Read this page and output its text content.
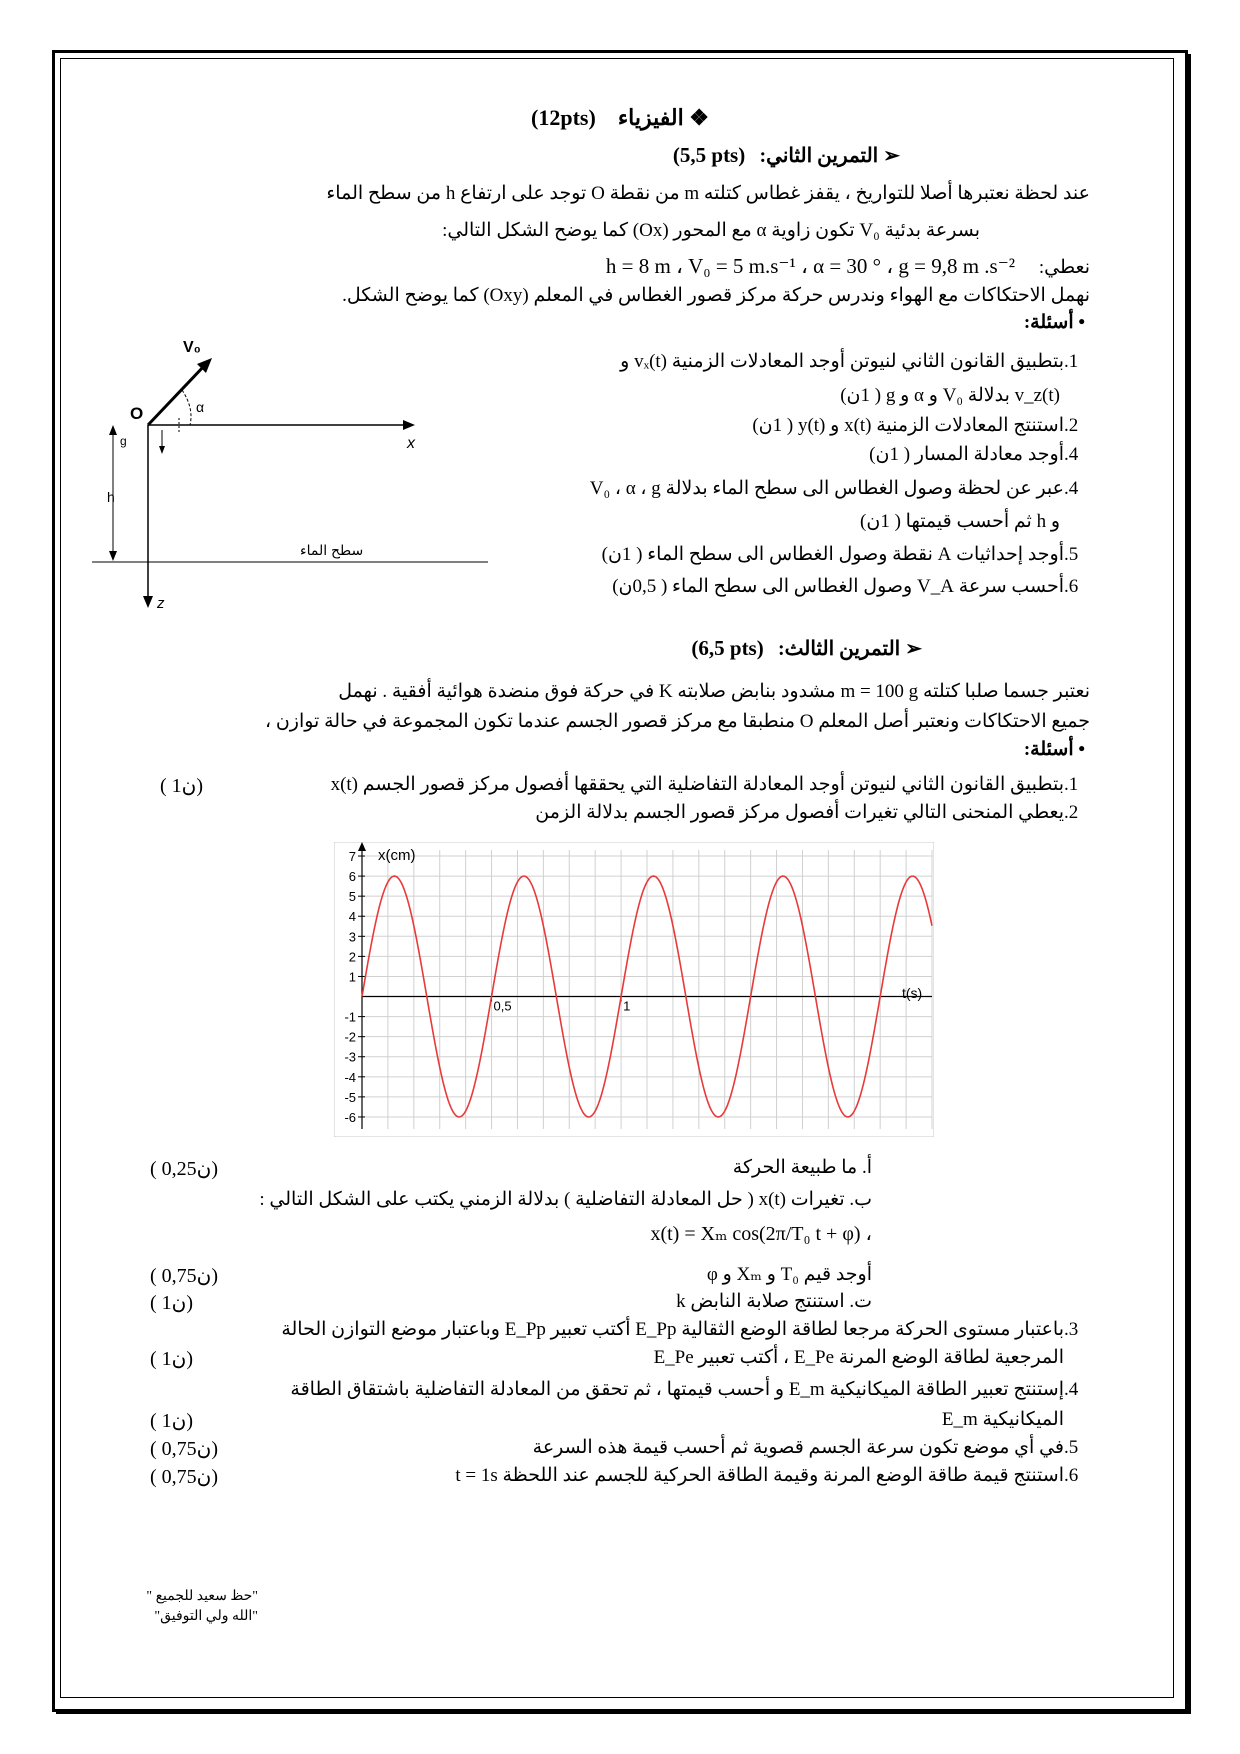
(12pts) ❖ الفيزياء
(5,5 pts) ➢ التمرين الثاني:
عند لحظة نعتبرها أصلا للتواريخ ، يقفز غطاس كتلته m من نقطة O توجد على ارتفاع h من سطح الماء
بسرعة بدئية V₀ تكون زاوية α مع المحور (Ox) كما يوضح الشكل التالي:
نعطي:     h = 8 m ، V₀ = 5 m.s⁻¹ ، α = 30 ° ، g = 9,8 m .s⁻²
نهمل الاحتكاكات مع الهواء وندرس حركة مركز قصور الغطاس في المعلم (Oxy) كما يوضح الشكل.
• أسئلة:
1.بتطبيق القانون الثاني لنيوتن أوجد المعادلات الزمنية vₓ(t) و
v_z(t) بدلالة V₀ و α و g ( 1ن)
2.استنتج المعادلات الزمنية x(t) و y(t) ( 1ن)
4.أوجد معادلة المسار ( 1ن)
4.عبر عن لحظة وصول الغطاس الى سطح الماء بدلالة V₀ ، α ، g
و h ثم أحسب قيمتها ( 1ن)
5.أوجد إحداثيات A نقطة وصول الغطاس الى سطح الماء ( 1ن)
6.أحسب سرعة V_A وصول الغطاس الى سطح الماء ( 0,5ن)
V₀
α
O
x
z
h
g
سطح الماء
(6,5 pts) ➢ التمرين الثالث:
نعتبر جسما صلبا كتلته m = 100 g مشدود بنابض صلابته K في حركة فوق منضدة هوائية أفقية . نهمل
جميع الاحتكاكات ونعتبر أصل المعلم O منطبقا مع مركز قصور الجسم عندما تكون المجموعة في حالة توازن ،
• أسئلة:
1.بتطبيق القانون الثاني لنيوتن أوجد المعادلة التفاضلية التي يحققها أفصول مركز قصور الجسم x(t)
( 1ن)
2.يعطي المنحنى التالي تغيرات أفصول مركز قصور الجسم بدلالة الزمن
7
6
5
4
3
2
1
-1
-2
-3
-4
-5
-6
0,5	1
x(cm)
t(s)
أ. ما طبيعة الحركة
( 0,25ن)
ب. تغيرات x(t) ( حل المعادلة التفاضلية ) بدلالة الزمني يكتب على الشكل التالي :
x(t) = Xₘ cos(2π/T₀ t + φ) ،
أوجد قيم T₀ و Xₘ و φ
( 0,75ن)
ت. استنتج صلابة النابض k
( 1ن)
3.باعتبار مستوى الحركة مرجعا لطاقة الوضع الثقالية E_Pp أكتب تعبير E_Pp وباعتبار موضع التوازن الحالة
المرجعية لطاقة الوضع المرنة E_Pe ، أكتب تعبير E_Pe
( 1ن)
4.إستنتج تعبير الطاقة الميكانيكية E_m و أحسب قيمتها ، ثم تحقق من المعادلة التفاضلية باشتقاق الطاقة
الميكانيكية E_m
( 1ن)
5.في أي موضع تكون سرعة الجسم قصوية ثم أحسب قيمة هذه السرعة
( 0,75ن)
6.استنتج قيمة طاقة الوضع المرنة وقيمة الطاقة الحركية للجسم عند اللحظة t = 1s
( 0,75ن)
"حظ سعيد للجميع "
"الله ولي التوفيق"
